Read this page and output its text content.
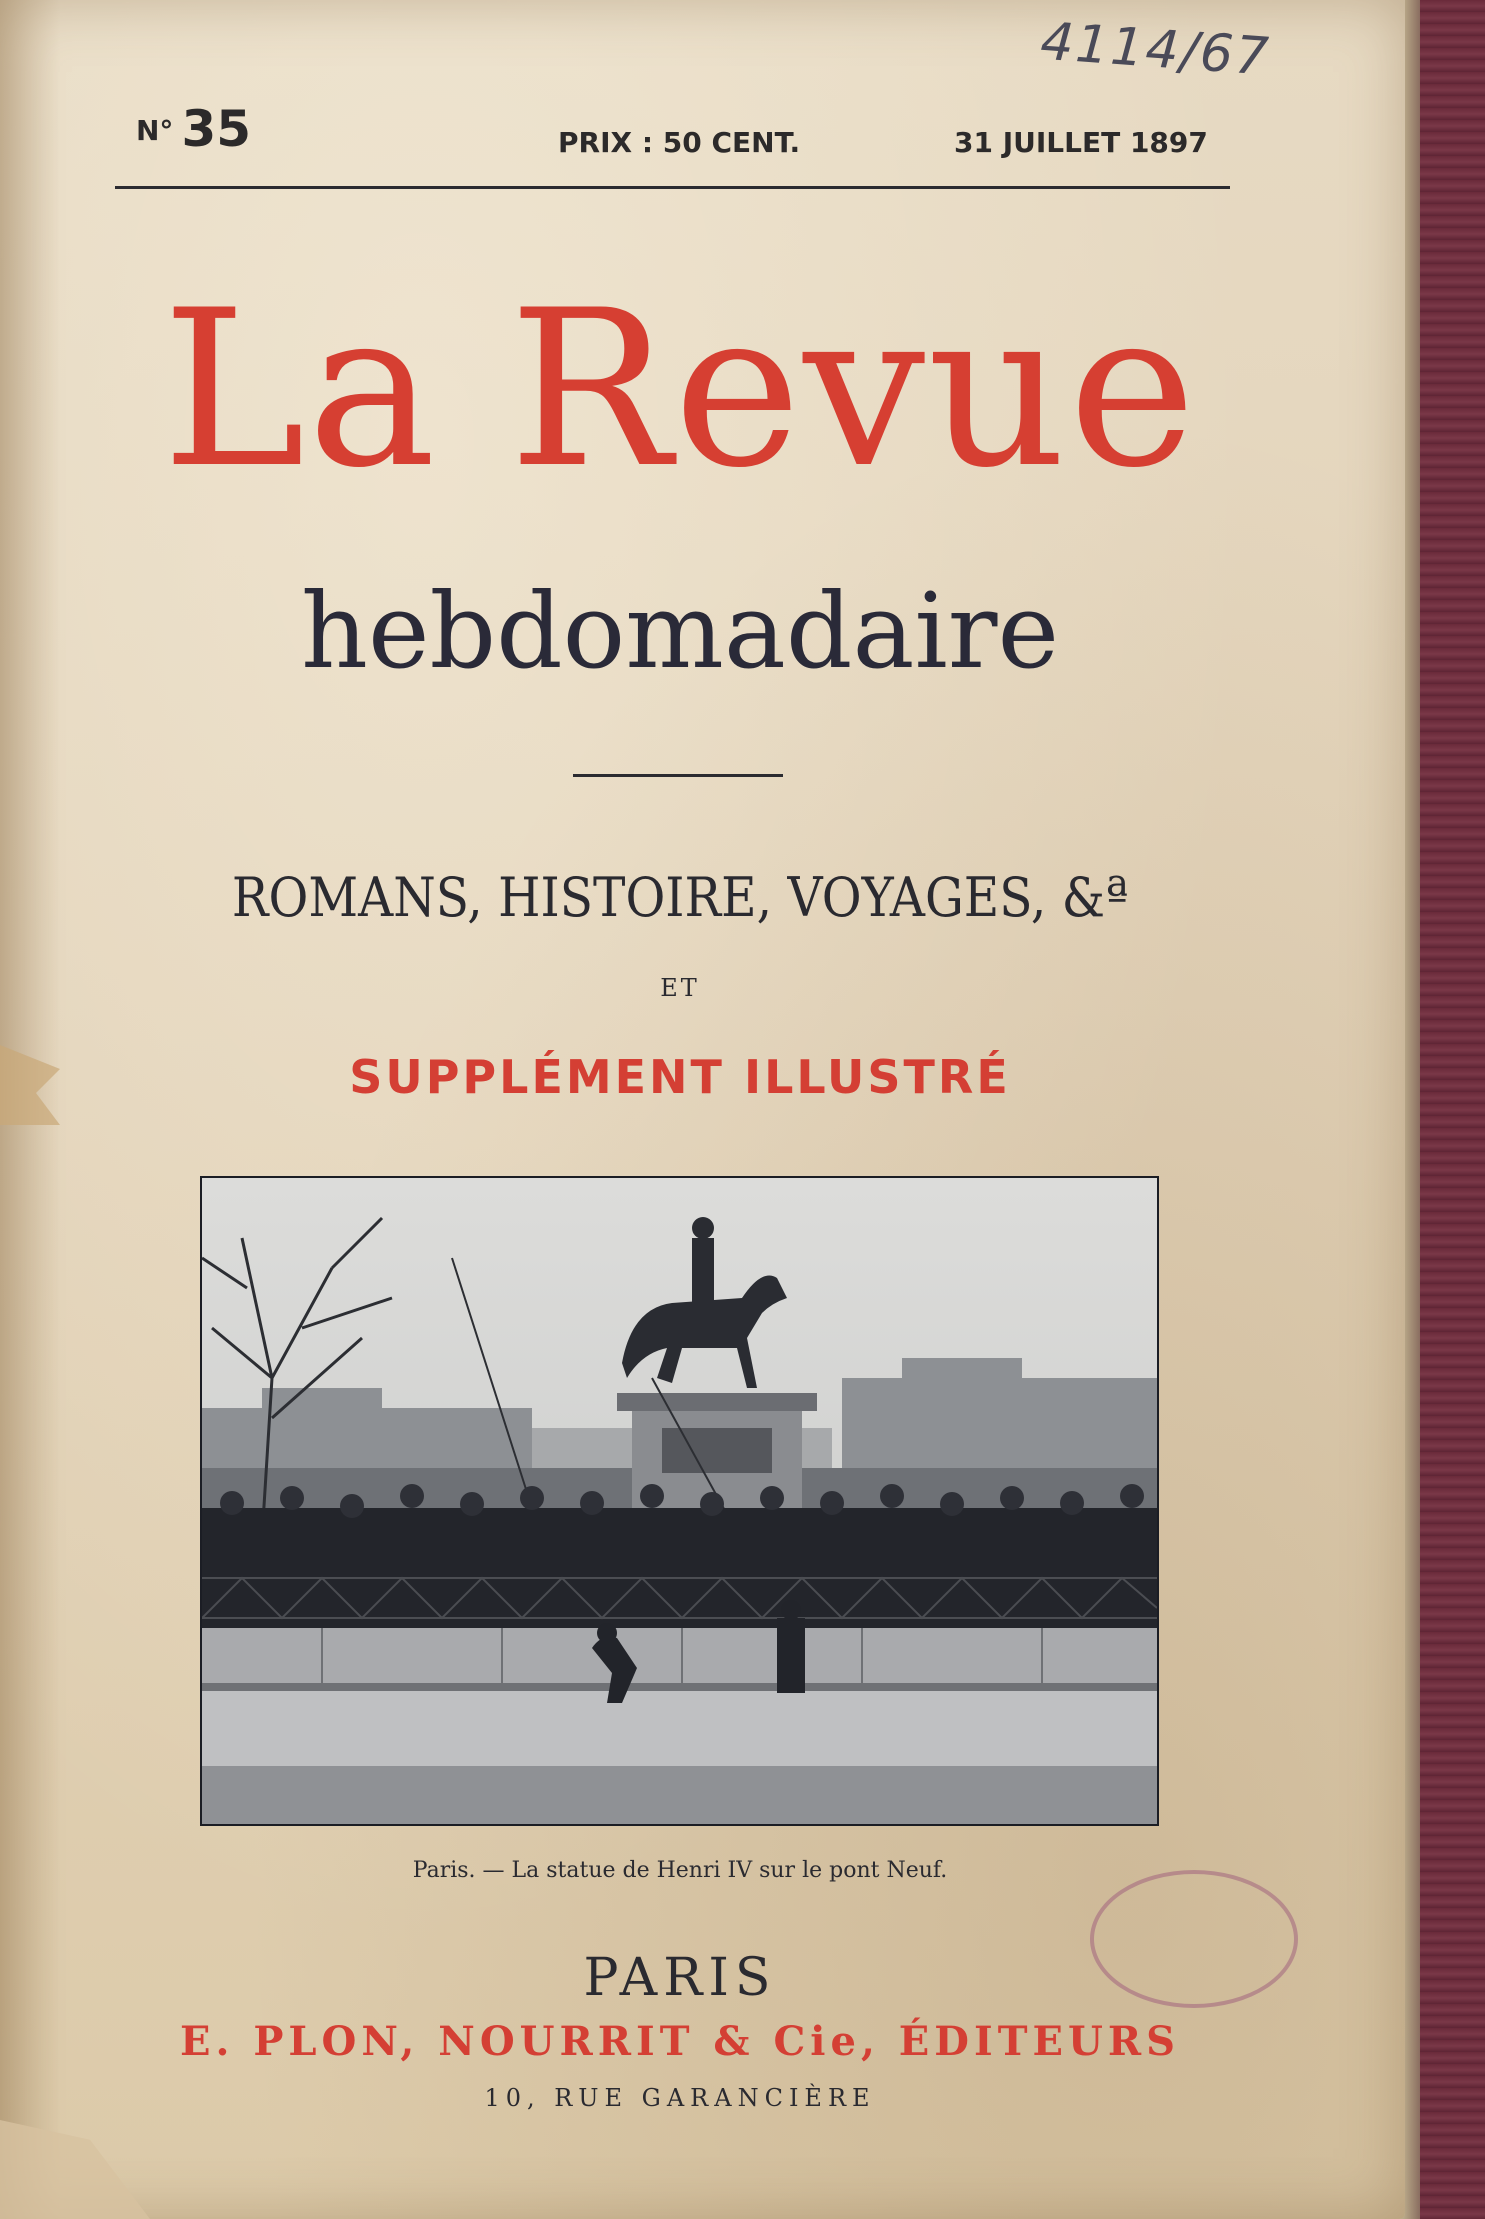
4114/67
N° 35	PRIX : 50 CENT.	31 JUILLET 1897
La Revue
hebdomadaire
ROMANS, HISTOIRE, VOYAGES, &ª
ET
SUPPLÉMENT ILLUSTRÉ
Paris. — La statue de Henri IV sur le pont Neuf.
PARIS
E. PLON, NOURRIT & Cie, ÉDITEURS
10, RUE GARANCIÈRE
